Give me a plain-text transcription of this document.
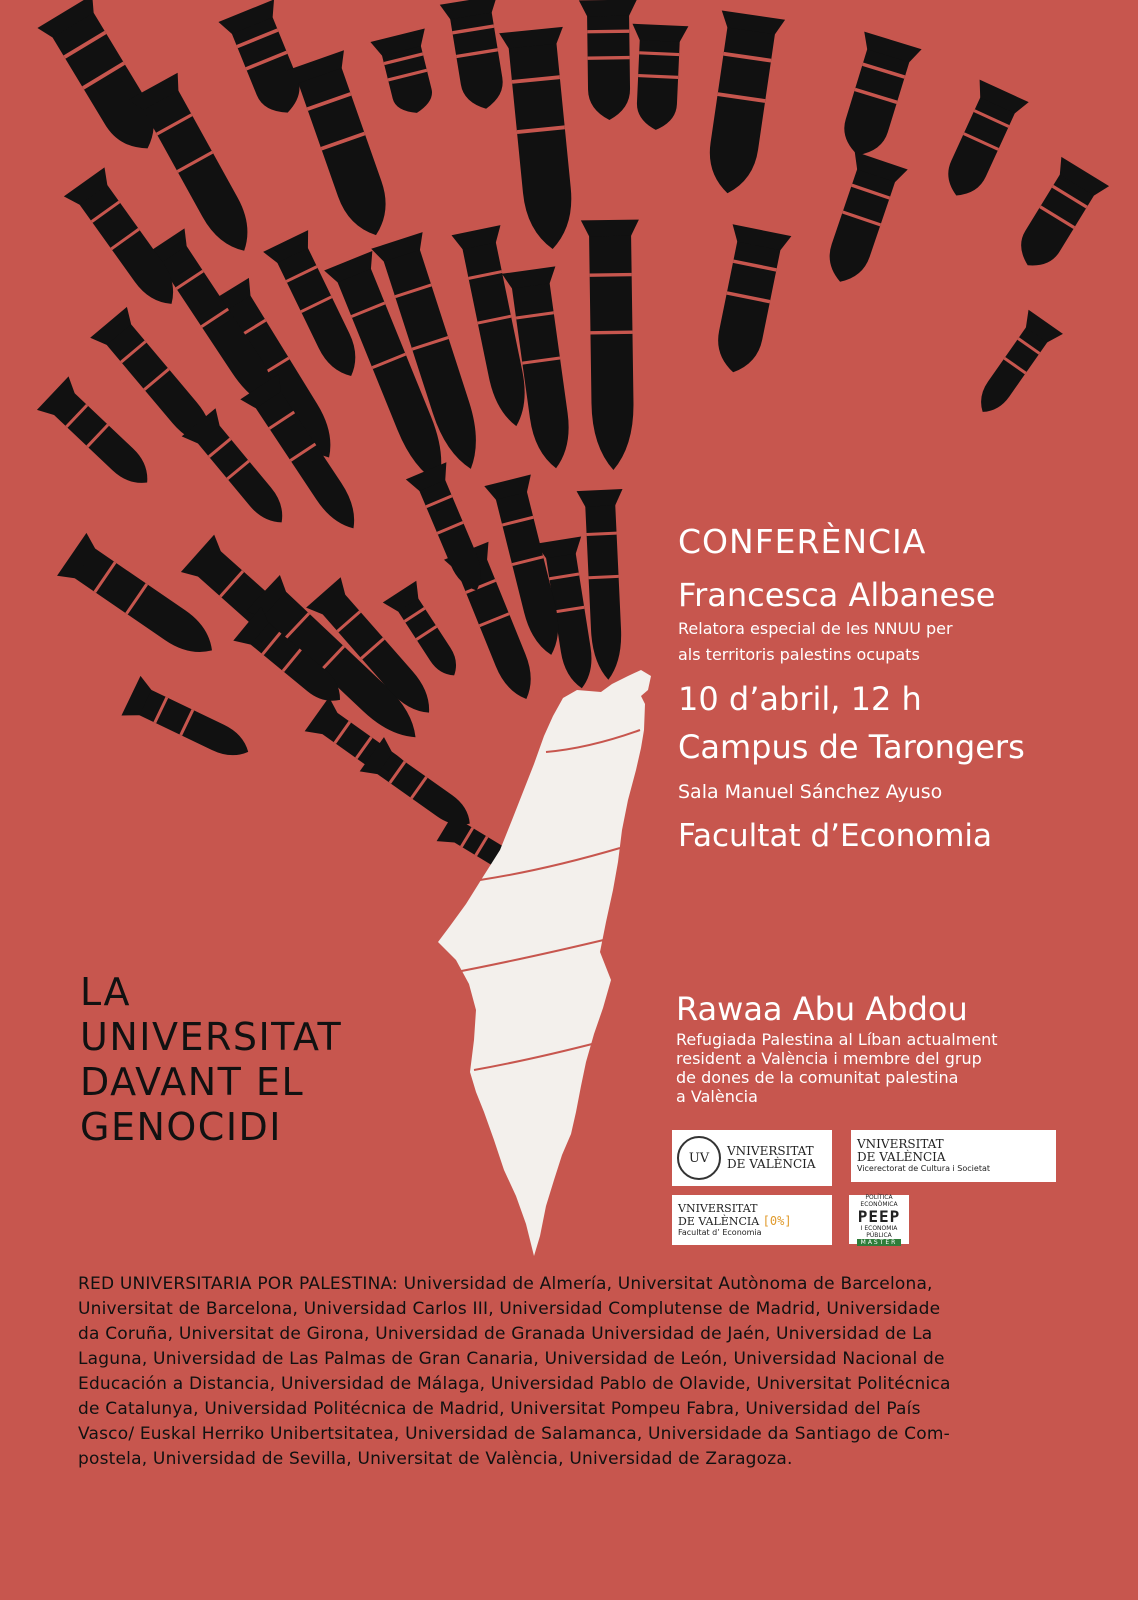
CONFERÈNCIA
Francesca Albanese
Relatora especial de les NNUU per
als territoris palestins ocupats
10 d’abril, 12 h
Campus de Tarongers
Sala Manuel Sánchez Ayuso
Facultat d’Economia
Rawaa Abu Abdou
Refugiada Palestina al Líban actualment
resident a València i membre del grup
de dones de la comunitat palestina
a València
LA
UNIVERSITAT
DAVANT EL
GENOCIDI
UV	VNIVERSITAT
DE VALÈNCIA
VNIVERSITAT
DE VALÈNCIA
Vicerectorat de Cultura i Societat
VNIVERSITAT
DE VALÈNCIA [0%]
Facultat d’ Economia
POLÍTICA ECONÒMICA
PEEP
I ECONOMIA PÚBLICA
MÀSTER
RED UNIVERSITARIA POR PALESTINA: Universidad de Almería, Universitat Autònoma de Barcelona,
Universitat de Barcelona, Universidad Carlos III, Universidad Complutense de Madrid, Universidade
da Coruña, Universitat de Girona, Universidad de Granada Universidad de Jaén, Universidad de La
Laguna, Universidad de Las Palmas de Gran Canaria, Universidad de León, Universidad Nacional de
Educación a Distancia, Universidad de Málaga, Universidad Pablo de Olavide, Universitat Politécnica
de Catalunya, Universidad Politécnica de Madrid, Universitat Pompeu Fabra, Universidad del País
Vasco/ Euskal Herriko Unibertsitatea, Universidad de Salamanca, Universidade da Santiago de Com-
postela, Universidad de Sevilla, Universitat de València, Universidad de Zaragoza.
